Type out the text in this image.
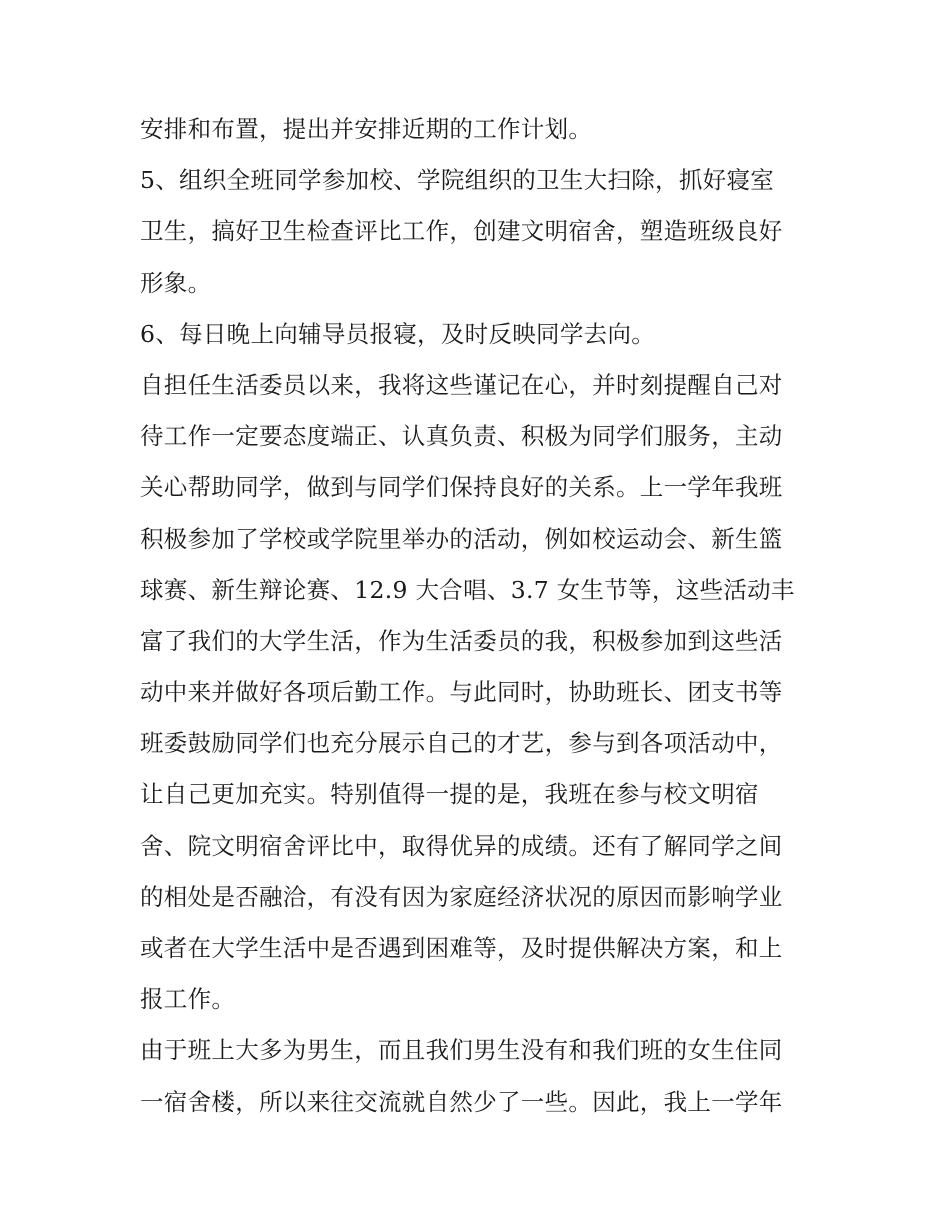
安排和布置，提出并安排近期的工作计划。
5、组织全班同学参加校、学院组织的卫生大扫除，抓好寝室
卫生，搞好卫生检查评比工作，创建文明宿舍，塑造班级良好
形象。
6、每日晚上向辅导员报寝，及时反映同学去向。
自担任生活委员以来，我将这些谨记在心，并时刻提醒自己对
待工作一定要态度端正、认真负责、积极为同学们服务，主动
关心帮助同学，做到与同学们保持良好的关系。上一学年我班
积极参加了学校或学院里举办的活动，例如校运动会、新生篮
球赛、新生辩论赛、12.9 大合唱、3.7 女生节等，这些活动丰
富了我们的大学生活，作为生活委员的我，积极参加到这些活
动中来并做好各项后勤工作。与此同时，协助班长、团支书等
班委鼓励同学们也充分展示自己的才艺，参与到各项活动中，
让自己更加充实。特别值得一提的是，我班在参与校文明宿
舍、院文明宿舍评比中，取得优异的成绩。还有了解同学之间
的相处是否融洽，有没有因为家庭经济状况的原因而影响学业
或者在大学生活中是否遇到困难等，及时提供解决方案，和上
报工作。
由于班上大多为男生，而且我们男生没有和我们班的女生住同
一宿舍楼，所以来往交流就自然少了一些。因此，我上一学年
